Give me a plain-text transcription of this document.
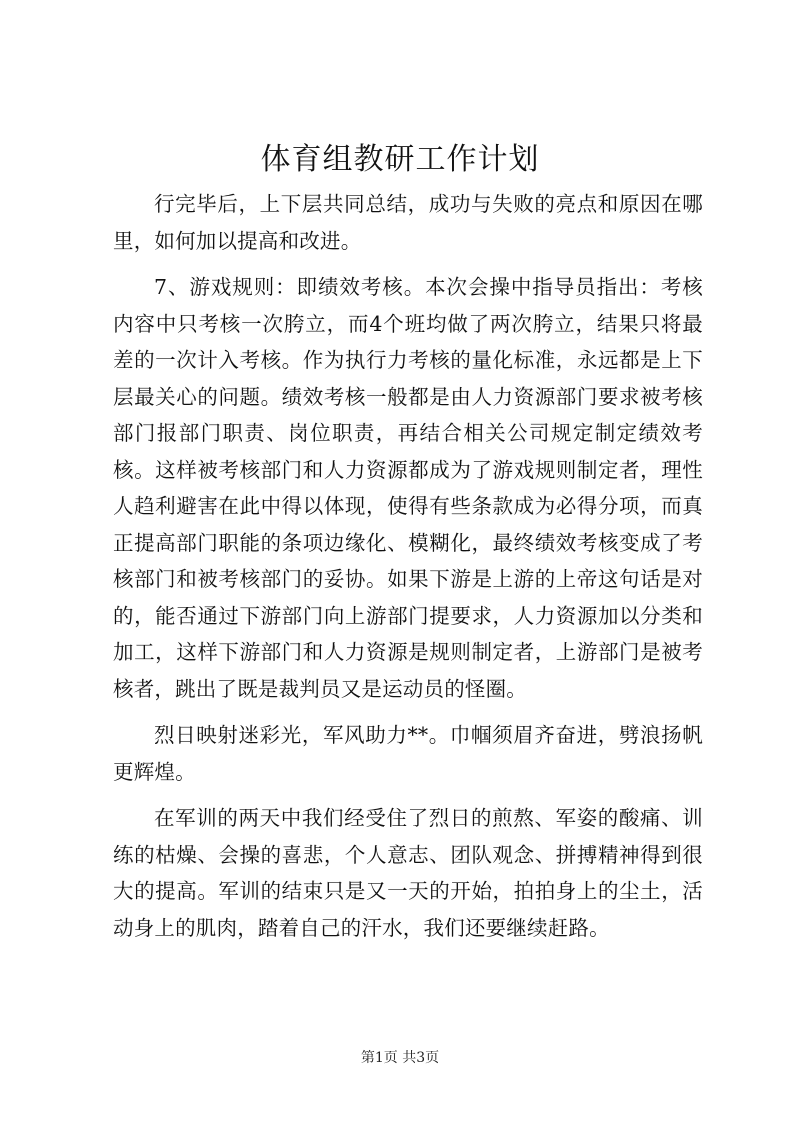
体育组教研工作计划

行完毕后，上下层共同总结，成功与失败的亮点和原因在哪里，如何加以提高和改进。

7、游戏规则：即绩效考核。本次会操中指导员指出：考核内容中只考核一次胯立，而4个班均做了两次胯立，结果只将最差的一次计入考核。作为执行力考核的量化标准，永远都是上下层最关心的问题。绩效考核一般都是由人力资源部门要求被考核部门报部门职责、岗位职责，再结合相关公司规定制定绩效考核。这样被考核部门和人力资源都成为了游戏规则制定者，理性人趋利避害在此中得以体现，使得有些条款成为必得分项，而真正提高部门职能的条项边缘化、模糊化，最终绩效考核变成了考核部门和被考核部门的妥协。如果下游是上游的上帝这句话是对的，能否通过下游部门向上游部门提要求，人力资源加以分类和加工，这样下游部门和人力资源是规则制定者，上游部门是被考核者，跳出了既是裁判员又是运动员的怪圈。

烈日映射迷彩光，军风助力**。巾帼须眉齐奋进，劈浪扬帆更辉煌。

在军训的两天中我们经受住了烈日的煎熬、军姿的酸痛、训练的枯燥、会操的喜悲，个人意志、团队观念、拼搏精神得到很大的提高。军训的结束只是又一天的开始，拍拍身上的尘土，活动身上的肌肉，踏着自己的汗水，我们还要继续赶路。

第1页 共3页
